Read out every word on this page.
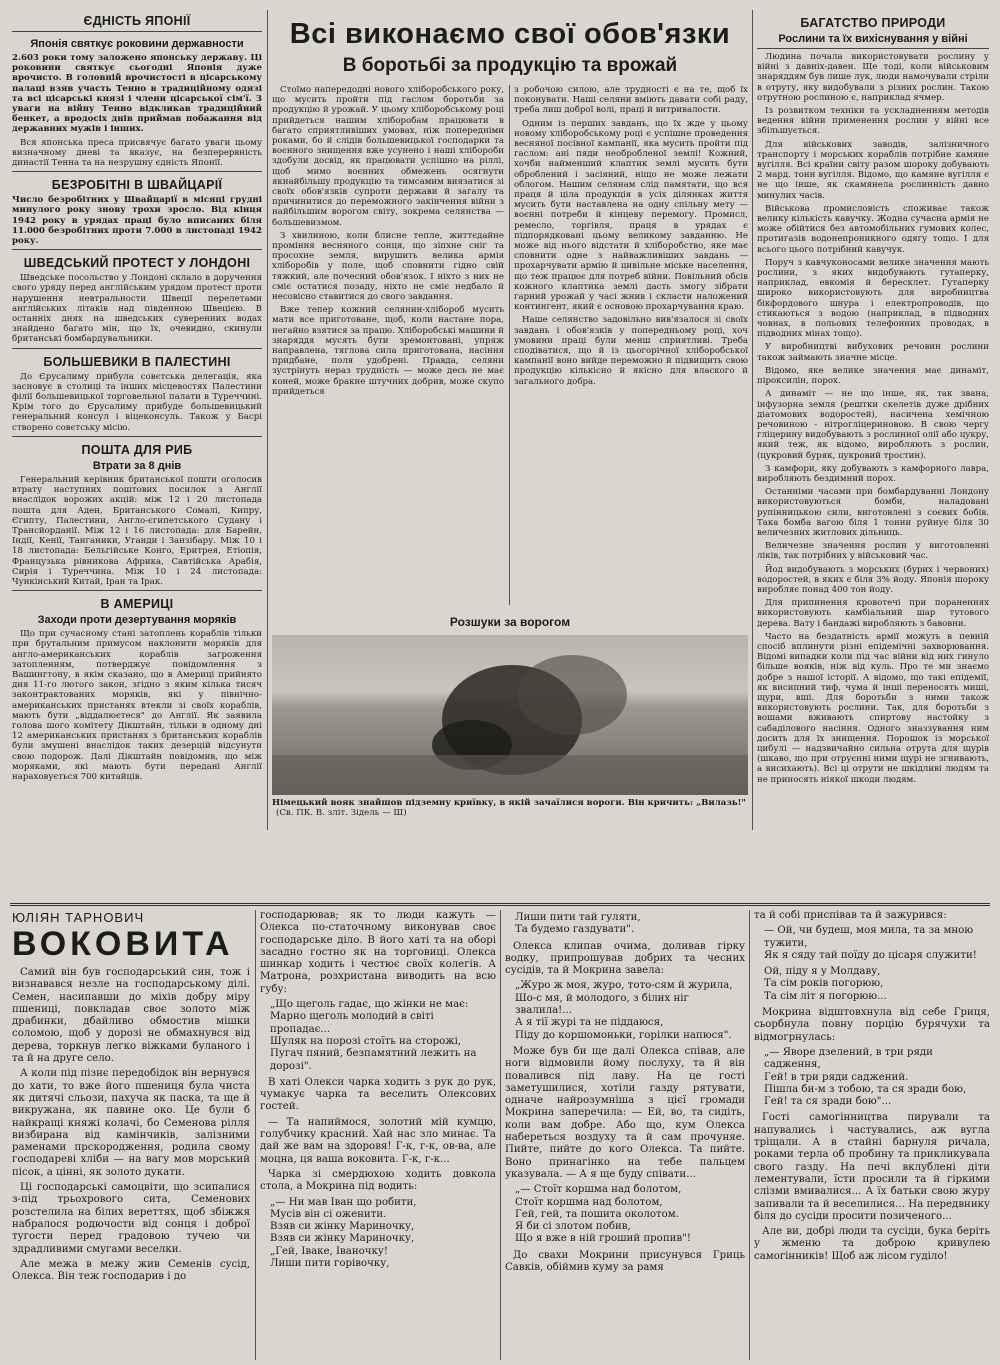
ЄДНІСТЬ ЯПОНІЇ
Японія святкує роковини державности

2.603 роки тому заложено японську державу. Ці роковини святкує сьогодні Японія дуже врочисто. В головній врочистості в цісарському палаці взяв участь Тенно в традиційному одязі та всі цісарські князі і члени цісарської сім'ї. З уваги на війну Тенно відкликав традиційний бенкет, а вродосіх днів приймав побажання від державних мужів і інших.

Вся японська преса присвячує багато уваги цьому визначному дневі та вказує, на безперервність династії Тенна та на незрушну єдність Японії.

БЕЗРОБІТНІ В ШВАЙЦАРІЇ

Число безробітних у Швайцарії в місяці грудні минулого року знову трохи зросло. Від кінця 1942 року в урядах праці було вписаних біля 11.000 безробітних проти 7.000 в листопаді 1942 року.

ШВЕДСЬКИЙ ПРОТЕСТ У ЛОНДОНІ

Шведське посольство у Лондоні склало в доручення свого уряду перед англійським урядом протест проти нарушення невтральности Швеції перелетами англійських літаків над південною Швецією. В останніх днях на шведських суверенних водах знайдено багато мін, що їх, очевидно, скинули британські бомбардувальники.

БОЛЬШЕВИКИ В ПАЛЕСТИНІ

До Єрусалиму прибула совєтська делегація, яка засновує в столиці та інших місцевостях Палестини філії большевицької торговельної палати в Туреччині. Крім того до Єрусалиму прибуде большевицький генеральний консул і віцеконсуль. Також у Басрі створено совєтську місію.

ПОШТА ДЛЯ РИБ
Втрати за 8 днів

Генеральний керівник британської пошти оголосив втрату наступних поштових посилок з Англії внаслідок ворожих акцій: між 12 і 20 листопада пошта для Аден, Британського Сомалі, Кипру, Єгипту, Палестини, Англо-єгипетського Судану і Трансйорданії. Між 12 і 16 листопада: для Барейн, Індії, Кенії, Танганики, Уганди і Занзібару. Між 10 і 18 листопада: Бельгійське Конго, Еритрея, Етіопія, Французька рівникова Африка, Савтійська Арабія, Сирія і Туреччина. Між 10 і 24 листопада: Чункінський Китай, Іран та Ірак.

В АМЕРИЦІ
Заходи проти дезертування моряків

Що при сучасному стані затоплень кораблів тільки при брутальним примусом наклонити моряків для англо-американських кораблів загроження затопленням, потверджує повідомлення з Вашингтону, в якім сказано, що в Америці прийнято дня 11-го лютого закон, згідно з яким кілька тисяч законтрактованих моряків, які у північно-американських пристанях втекли зі своїх кораблів, мають бути „віддалюєтеся" до Англії. Як заявила голова шого комітету Дікштайн, тільки в одному дні 12 американських пристанях з британських кораблів були змушені внаслідок таких дезерцій відсунути свою подорож. Далі Дікштайн повідомив, що між моряками, які мають бути передані Англії нараховується 700 китайців.

Всі виконаємо свої обов'язки
В боротьбі за продукцію та врожай

Стоїмо напередодні нового хліборобського року, що мусить пройти під гаслом боротьби за продукцію й урожай. У цьому хліборобському році прийдеться нашим хліборобам працювати в багато сприятливіших умовах, ніж попередніми роками, бо й слідів большевицької господарки та воєнного знищення вже усунено і наші хлібороби здобули досвід, як працювати успішно на ріллі, щоб мимо воєнних обмежень осягнути якнайбільшу продукцію та тимсамим виязатися зі своїх обов'язків супроти держави й загалу та причинитися до переможного закінчення війни з найбільшим ворогом світу, зокрема селянства — большевизмом.

З хвилиною, коли блисне тепле, життєдайне проміння весняного сонця, що зіпхне сніг та просохне земля, вирушить велика армія хліборобів у поле, щоб сповнити гідно свій тяжкий, але почесний обов'язок. І ніхто з них не сміє остатися позаду, ніхто не сміє недбало й несовісно ставитися до свого завдання.

Вже тепер кожний селянин-хлібороб мусить мати все приготоване, щоб, коли настане пора, негайно взятися за працю. Хліборобські машини й знаряддя мусять бути зремонтовані, упряж направлена, тяглова сила приготована, насіння придбане, поля удобрені. Правда, селяни зустрінуть нераз трудність — може десь не має коней, може бракне штучних добрив, може скупо прийдеться

з робочою силою, але трудності є на те, щоб їх поконувати. Наші селяни вміють давати собі раду, треба лиш доброї волі, праці й витривалости.

Одним із перших завдань, що їх жде у цьому новому хліборобському році є успішне проведення весняної посівної кампанії, яка мусить пройти під гаслом: ані пяди необробленої землі! Кожний, хочби найменший клаптик землі мусить бути оброблений і засіяний, ніщо не може лежати облогом. Нашим селянам слід памятати, що вся праця й ціла продукція в усіх ділянках життя мусить бути наставлена на одну спільну мету — воєнні потреби й кінцеву перемогу. Промисл, ремесло, торгівля, праця в урядах є підпорядковані цьому великому завданню. Не може від нього відстати й хліборобство, яке має сповнити одне з найважливіших завдань — прохарчувати армію й цивільне міське населення, що теж працює для потреб війни. Повільний обсів кожного клаптика землі дасть змогу зібрати гарний урожай у часі жнив і скласти наложений контингент, який є основою прохарчування краю.

Наше селянство задовільно вив'язалося зі своїх завдань і обов'язків у попередньому році, хоч умовини праці були менш сприятливі. Треба сподіватися, що й із цьогорічної хліборобської кампанії воно вийде переможно й підвищить свою продукцію кількісно й якісно для влаского й загального добра.

Розшуки за ворогом
Німецький вояк знайшов підземну криївку, в якій зачаїлися вороги. Він кричить: „Вилазь!" (Св. ПК. В. зліт. Зідель — Ш)
БАГАТСТВО ПРИРОДИ
Рослини та їх вихіснування у війні

Людина почала використовувати рослину у війні з давніх-давен. Ще тоді, коли військовим знаряддям був лише лук, люди намочували стріли в отруту, яку видобували з різних рослин. Такою отрутною рослиною є, наприклад ячмер.

Із розвитком техніки та ускладненням методів ведення війни применення рослин у війні все збільшується.

Для військових заводів, залізничного транспорту і морських кораблів потрібне камяне вугілля. Всі країни світу разом шороку добувають 2 мард. тонн вугілля. Відомо, що камяне вугілля є не що інше, як скамянела рослинність давно минулих часів.

Військова промисловість споживає також велику кількість кавучку. Жодна сучасна армія не може обійтися без автомобільних гумових колес, протигазів водонепроникного одягу тощо. І для всього цього потрібний кавучук.

Поруч з кавчуконосами велике значення мають рослини, з яких видобувають гутаперку, наприклад, евкомія й бересклет. Гутаперку широко використовують для виробництва бікфордового шнура і електропроводів, що стикаються з водою (наприклад, в підводних човнах, в польових телефонних проводах, в підводних мінах тощо).

У виробництві вибухових речовин рослини також займають значне місце.

Відомо, яке велике значення має динаміт, піроксилін, порох.

А динаміт — не що інше, як, так звана, інфузорна земля (рештки скелетів дуже дрібних діатомових водоростей), насичена хемічною речовиною - нітрогліцериновою. В свою чергу гліцерину видобувають з рослинної олії або цукру, який теж, як відомо, виробляють з рослин, (цукровий буряк, цукровий тростин).

З камфори, яку добувають з камфорного лавра, виробляють бездимний порох.

Останніми часами при бомбардуванні Лондону використовуються бомби, наладовані рупінницькою сили, виготовлені з соєвих бобів. Така бомба вагою біля 1 тонни руйнує біля 30 величезних житлових дільниць.

Величезне значення рослин у виготовленні ліків, так потрібних у військовий час.

Йод видобувають з морських (бурих і червоних) водоростей, в яких є біля 3% йоду. Японія шороку виробляє понад 400 тон йоду.

Для припинення кровотечі при пораненнях використовують камбіальний шар тутового дерева. Вату і бандажі виробляють з бавовни.

Часто на бездатність армії можуть в певній спосіб вплинути різні епідемічні захворювання. Відомі випадки коли під час війни від них гинуло більше вояків, ніж від куль. Про те ми знаємо добре з нашої історії. А відомо, що такі епідемії, як висипний тиф, чума й інші переносять миші, щури, вші. Для боротьби з ними також використовують рослини. Так, для боротьби з вошами вживають спиртову настойку з сабаділового насіння. Одного зназзування ним досить для їх знищення. Порошок із морської цибулі — надзвичайно сильна отрута для щурів (шкаво, що при отруєнні ними щурі не згнивають, а висихають). Всі ці отрути не шкідливі людям та не приносять ніякої шкоди людям.

ЮЛІЯН ТАРНОВИЧ
ВОКОВИТА

Самий він був господарський син, тож і визнавався незле на господарському ділі. Семен, насипавши до міхів добру міру пшениці, повкладав своє золото між драбинки, дбайливо обмостив мішки соломою, щоб у дорозі не обмахнувся від дерева, торкнув легко віжками буланого і та й на друге село.

А коли під пізнє передобідок він вернувся до хати, то вже його пшениця була чиста як дитячі сльози, пахуча як паска, та ще й викружана, як павине око. Це були б найкращі княжі колачі, бо Семенова рілля визбирана від камінчиків, залізними раменами прскородження, родила свому господареві хліби — на вагу мов морський пісок, а цінні, як золото дукати.

Ці господарські самоцвіти, що зсипалися з-під трьохрового сита, Семенових розстелила на білих вереттях, щоб збіжжя набралося родючости від сонця і доброї тугости перед градовою тучею чи здрадливими смугами веселки.

Але межа в межу жив Семенів сусід, Олекса. Він теж господарив і до

господарював; як то люди кажуть — Олекса по-статочному виконував своє господарське діло. В його хаті та на оборі засадно гостно як на торговиці. Олекса шинкар ходить і честює своїх колегів. А Матрона, розхристана виводить на всю губу:

„Що щеголь гадає, що жінки не має: Марно щеголь молодий в світі пропадає...
Шуляк на порозі стоїть на сторожі, Пугач пяний, безпамятний лежить на дорозі".

В хаті Олекси чарка ходить з рук до рук, чумакує чарка та веселить Олексових гостей.

— Та напиймося, золотий мій кумцю, голубчику красний. Хай нас зло минає. Та дай же вам на здоровя! Г-к, г-к, ов-ва, але моцна, ця ваша воковита. Г-к, г-к...

Чарка зі смердюхою ходить довкола стола, а Мокрина під водить:

„— Ни мав Іван що робити,
Мусів він сі оженити.
Взяв си жінку Мариночку,
Взяв си жінку Мариночку,
„Гей, Іваке, Іваночку!
Лиши пити горівочку,
Лиши пити тай гуляти,
Та будемо газдувати".

Олекса клипав очима, доливав гірку водку, припрошував добрих та чесних сусідів, та й Мокрина завела:

„Журо ж моя, журо, тото-сям й журила,
Шо-с мя, й молодого, з білих ніг звалила!...
А я тії журі та не піддаюся,
Піду до коршомоньки, горілки напюся".

Може був би ще далі Олекса співав, але ноги відмовили йому послуху, та й він повалився під лаву. На це гості заметушилися, хотіли газду рятувати, одначе найрозумніша з цієї громади Мокрина заперечила: — Ей, во, та сидіть, коли вам добре. Або що, кум Олекса набереться воздуху та й сам прочуняе. Пийте, пийте до кого Олекса. Та пийте. Воно принагінко на тебе пальцем указувала. — А я ще буду співати...

„— Стоїт коршма над болотом,
Стоїт коршма над болотом,
Гей, гей, та пошита околотом.
Я би сі злотом побив,
Що я вже в ній гроший пропив"!

До сваxи Мокрини присунувся Гриць Савків, обіймив куму за рамя

та й собі приспівав та й зажурився:

— Ой, чи будеш, моя мила, та за мною тужити,
Як я сяду тай поїду до цісаря служити!
Ой, піду я у Молдаву,
Та сім років погорюю,
Та сім літ я погорюю...

Мокрина відштовхнула від себе Гриця, сьорбнула повну порцію бурячухи та відмогрнулась:

„— Яворе дзелений, в три ряди садження,
Гей! в три ряди саджений.
Пішла би-м з тобою, та ся зради бою,
Гей! та ся зради бою"...

Гості самогінництва пирували та напувались і частувались, аж вугла тріщали. А в стайні барнуля ричала, роками терла об пробину та прикликувала свого газду. На печі вклублені діти лементували, їсти просили та й гіркими слізми вмивалися... А їх батьки свою журу запивали та й веселилися... На передвнику біля до сусіди просити позиченого...

Але ви, добрі люди та сусіди, бука беріть у жменю та доброю кривулею самогінників! Щоб аж лісом гуділо!
